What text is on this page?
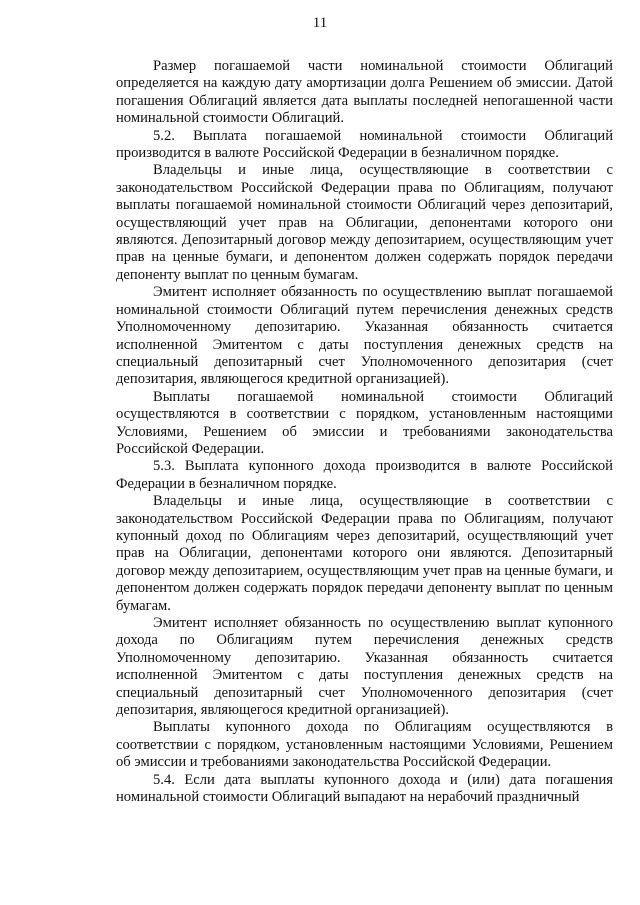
11

Размер погашаемой части номинальной стоимости Облигаций определяется на каждую дату амортизации долга Решением об эмиссии. Датой погашения Облигаций является дата выплаты последней непогашенной части номинальной стоимости Облигаций.

5.2. Выплата погашаемой номинальной стоимости Облигаций производится в валюте Российской Федерации в безналичном порядке.

Владельцы и иные лица, осуществляющие в соответствии с законодательством Российской Федерации права по Облигациям, получают выплаты погашаемой номинальной стоимости Облигаций через депозитарий, осуществляющий учет прав на Облигации, депонентами которого они являются. Депозитарный договор между депозитарием, осуществляющим учет прав на ценные бумаги, и депонентом должен содержать порядок передачи депоненту выплат по ценным бумагам.

Эмитент исполняет обязанность по осуществлению выплат погашаемой номинальной стоимости Облигаций путем перечисления денежных средств Уполномоченному депозитарию. Указанная обязанность считается исполненной Эмитентом с даты поступления денежных средств на специальный депозитарный счет Уполномоченного депозитария (счет депозитария, являющегося кредитной организацией).

Выплаты погашаемой номинальной стоимости Облигаций осуществляются в соответствии с порядком, установленным настоящими Условиями, Решением об эмиссии и требованиями законодательства Российской Федерации.

5.3. Выплата купонного дохода производится в валюте Российской Федерации в безналичном порядке.

Владельцы и иные лица, осуществляющие в соответствии с законодательством Российской Федерации права по Облигациям, получают купонный доход по Облигациям через депозитарий, осуществляющий учет прав на Облигации, депонентами которого они являются. Депозитарный договор между депозитарием, осуществляющим учет прав на ценные бумаги, и депонентом должен содержать порядок передачи депоненту выплат по ценным бумагам.

Эмитент исполняет обязанность по осуществлению выплат купонного дохода по Облигациям путем перечисления денежных средств Уполномоченному депозитарию. Указанная обязанность считается исполненной Эмитентом с даты поступления денежных средств на специальный депозитарный счет Уполномоченного депозитария (счет депозитария, являющегося кредитной организацией).

Выплаты купонного дохода по Облигациям осуществляются в соответствии с порядком, установленным настоящими Условиями, Решением об эмиссии и требованиями законодательства Российской Федерации.

5.4. Если дата выплаты купонного дохода и (или) дата погашения номинальной стоимости Облигаций выпадают на нерабочий праздничный
